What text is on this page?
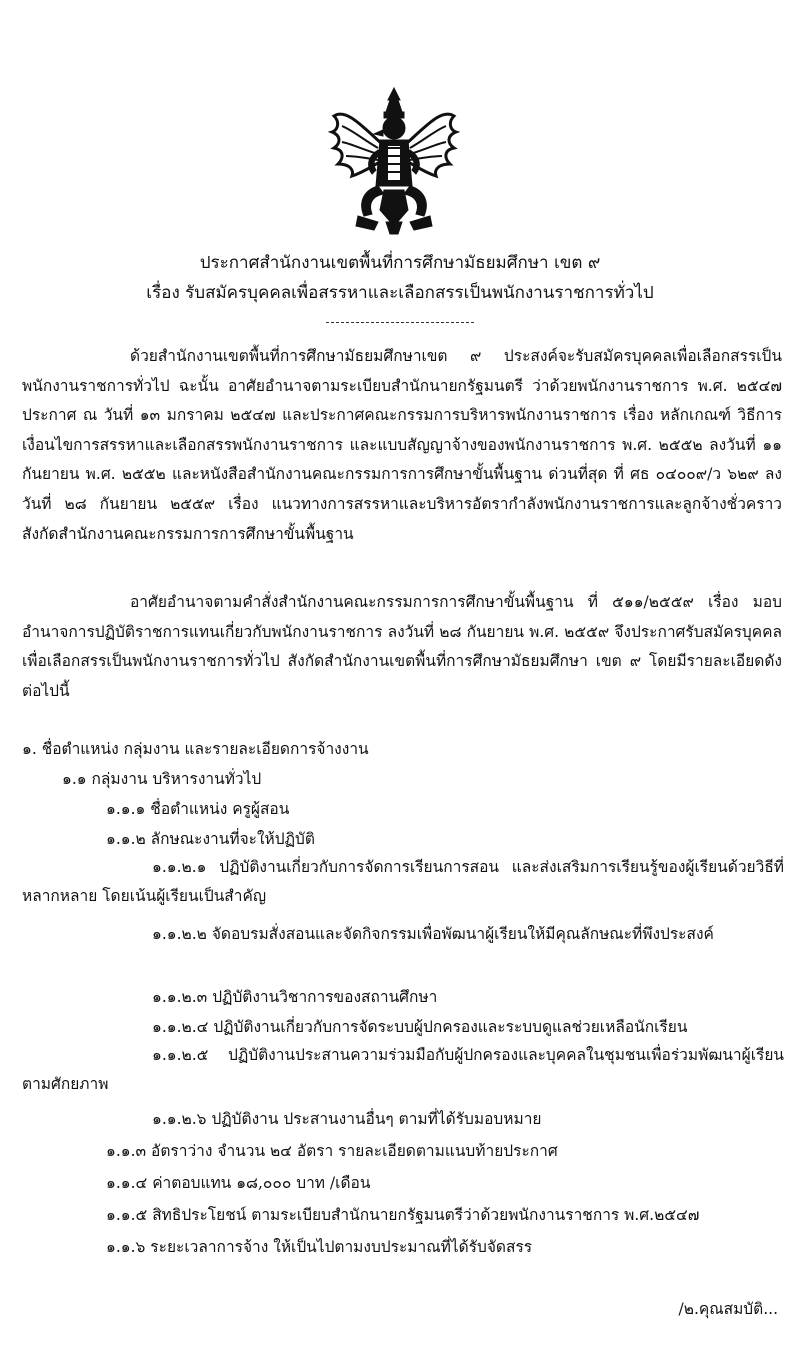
ประกาศสำนักงานเขตพื้นที่การศึกษามัธยมศึกษา เขต ๙
เรื่อง รับสมัครบุคคลเพื่อสรรหาและเลือกสรรเป็นพนักงานราชการทั่วไป

ด้วยสำนักงานเขตพื้นที่การศึกษามัธยมศึกษาเขต ๙ ประสงค์จะรับสมัครบุคคลเพื่อเลือกสรรเป็นพนักงานราชการทั่วไป ฉะนั้น อาศัยอำนาจตามระเบียบสำนักนายกรัฐมนตรี ว่าด้วยพนักงานราชการ พ.ศ. ๒๕๔๗ ประกาศ ณ วันที่ ๑๓ มกราคม ๒๕๔๗ และประกาศคณะกรรมการบริหารพนักงานราชการ เรื่อง หลักเกณฑ์ วิธีการเงื่อนไขการสรรหาและเลือกสรรพนักงานราชการ และแบบสัญญาจ้างของพนักงานราชการ พ.ศ. ๒๕๕๒ ลงวันที่ ๑๑ กันยายน พ.ศ. ๒๕๕๒ และหนังสือสำนักงานคณะกรรมการการศึกษาขั้นพื้นฐาน ด่วนที่สุด ที่ ศธ ๐๔๐๐๙/ว ๖๒๙ ลงวันที่ ๒๘ กันยายน ๒๕๕๙ เรื่อง แนวทางการสรรหาและบริหารอัตรากำลังพนักงานราชการและลูกจ้างชั่วคราว สังกัดสำนักงานคณะกรรมการการศึกษาขั้นพื้นฐาน

อาศัยอำนาจตามคำสั่งสำนักงานคณะกรรมการการศึกษาขั้นพื้นฐาน ที่ ๕๑๑/๒๕๕๙ เรื่อง มอบอำนาจการปฏิบัติราชการแทนเกี่ยวกับพนักงานราชการ ลงวันที่ ๒๘ กันยายน พ.ศ. ๒๕๕๙ จึงประกาศรับสมัครบุคคลเพื่อเลือกสรรเป็นพนักงานราชการทั่วไป สังกัดสำนักงานเขตพื้นที่การศึกษามัธยมศึกษา เขต ๙ โดยมีรายละเอียดดังต่อไปนี้

๑. ชื่อตำแหน่ง กลุ่มงาน และรายละเอียดการจ้างงาน
๑.๑ กลุ่มงาน บริหารงานทั่วไป
๑.๑.๑ ชื่อตำแหน่ง ครูผู้สอน
๑.๑.๒ ลักษณะงานที่จะให้ปฏิบัติ

๑.๑.๒.๑ ปฏิบัติงานเกี่ยวกับการจัดการเรียนการสอน และส่งเสริมการเรียนรู้ของผู้เรียนด้วยวิธีที่หลากหลาย โดยเน้นผู้เรียนเป็นสำคัญ

๑.๑.๒.๒ จัดอบรมสั่งสอนและจัดกิจกรรมเพื่อพัฒนาผู้เรียนให้มีคุณลักษณะที่พึงประสงค์

๑.๑.๒.๓ ปฏิบัติงานวิชาการของสถานศึกษา
๑.๑.๒.๔ ปฏิบัติงานเกี่ยวกับการจัดระบบผู้ปกครองและระบบดูแลช่วยเหลือนักเรียน

๑.๑.๒.๕ ปฏิบัติงานประสานความร่วมมือกับผู้ปกครองและบุคคลในชุมชนเพื่อร่วมพัฒนาผู้เรียนตามศักยภาพ

๑.๑.๒.๖ ปฏิบัติงาน ประสานงานอื่นๆ ตามที่ได้รับมอบหมาย
๑.๑.๓ อัตราว่าง จำนวน ๒๔ อัตรา รายละเอียดตามแนบท้ายประกาศ
๑.๑.๔ ค่าตอบแทน ๑๘,๐๐๐ บาท /เดือน
๑.๑.๕ สิทธิประโยชน์ ตามระเบียบสำนักนายกรัฐมนตรีว่าด้วยพนักงานราชการ พ.ศ.๒๕๔๗
๑.๑.๖ ระยะเวลาการจ้าง ให้เป็นไปตามงบประมาณที่ได้รับจัดสรร
/๒.คุณสมบัติ...
